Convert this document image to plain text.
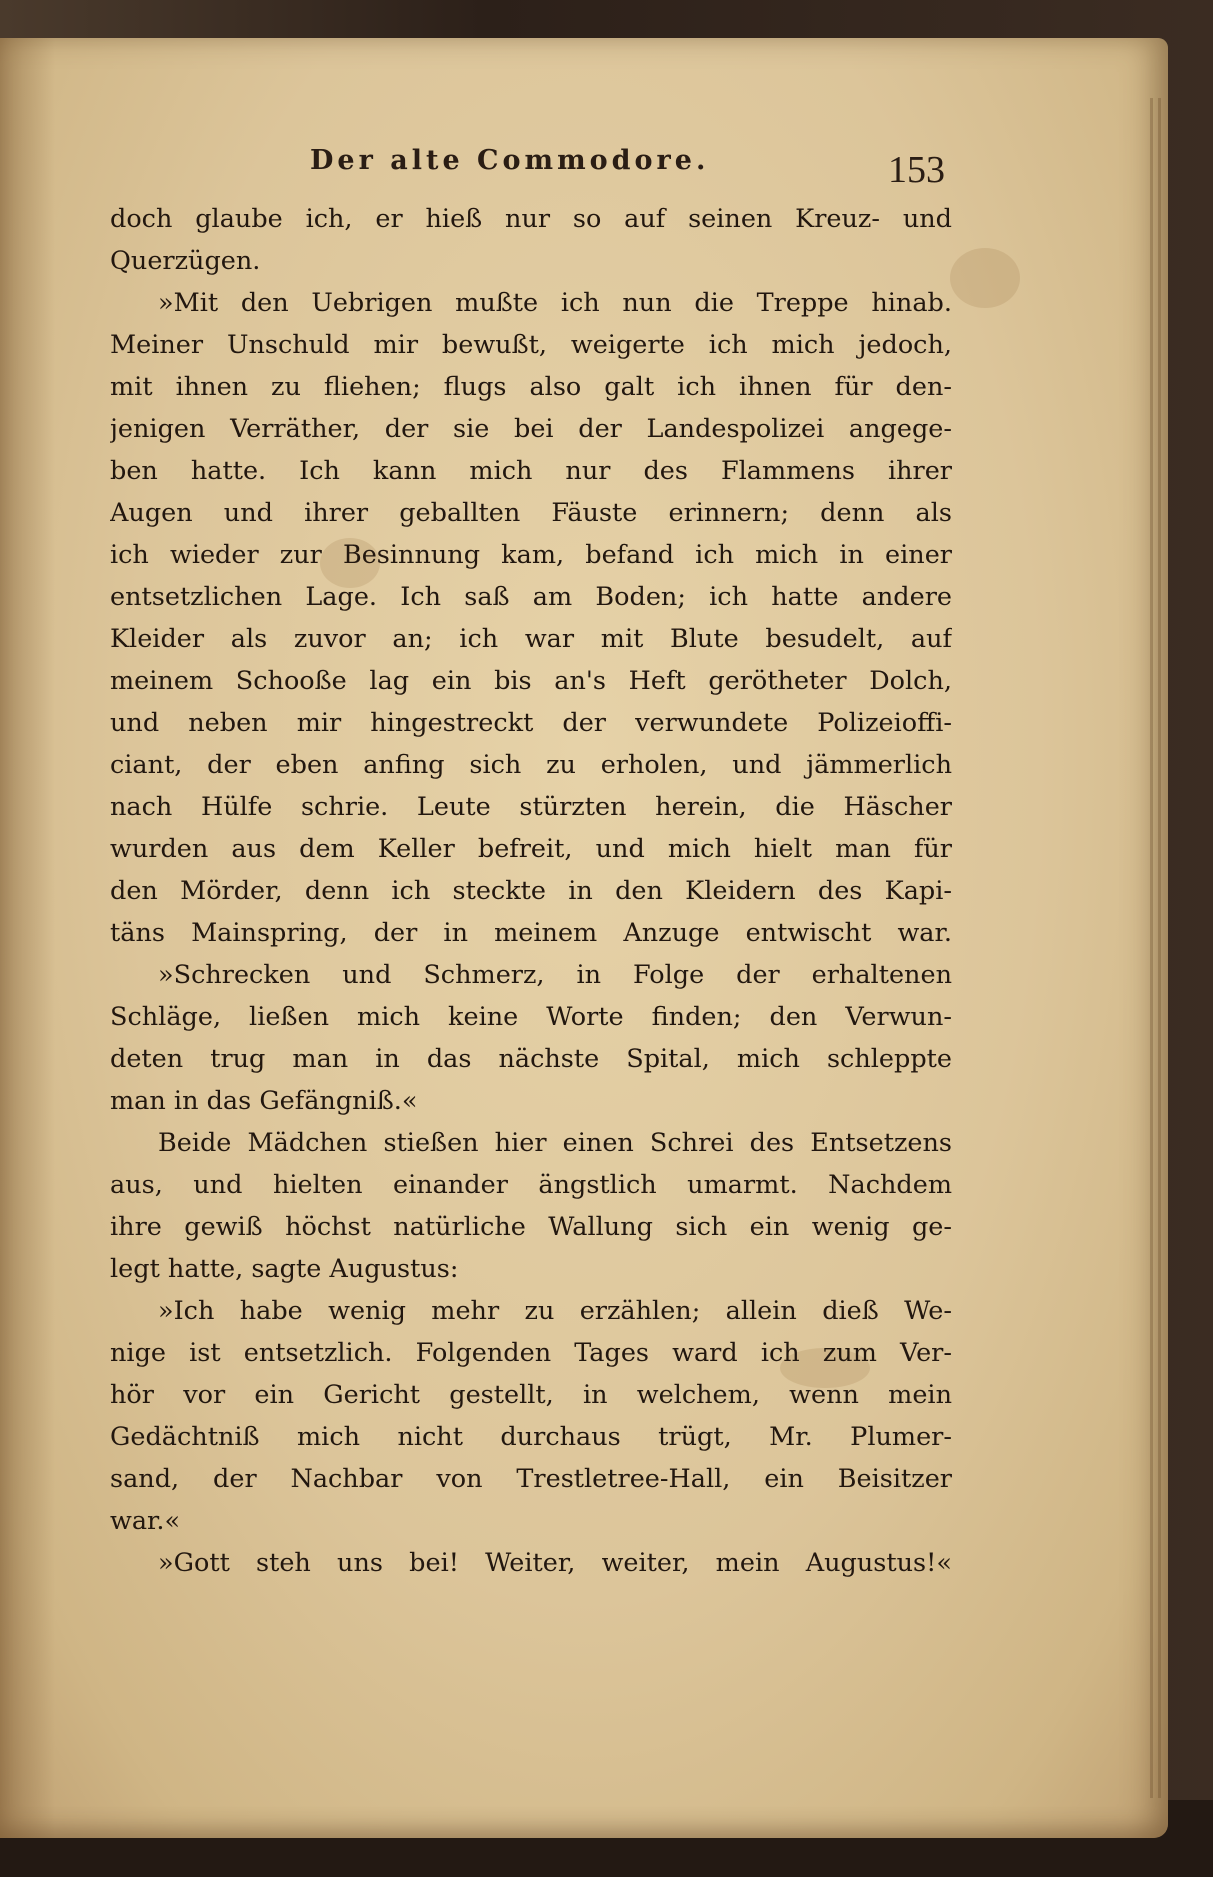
Der alte Commodore.	153
doch glaube ich, er hieß nur so auf seinen Kreuz- und
Querzügen.
»Mit den Uebrigen mußte ich nun die Treppe hinab.
Meiner Unschuld mir bewußt, weigerte ich mich jedoch,
mit ihnen zu fliehen; flugs also galt ich ihnen für den-
jenigen Verräther, der sie bei der Landespolizei angege-
ben hatte. Ich kann mich nur des Flammens ihrer
Augen und ihrer geballten Fäuste erinnern; denn als
ich wieder zur Besinnung kam, befand ich mich in einer
entsetzlichen Lage. Ich saß am Boden; ich hatte andere
Kleider als zuvor an; ich war mit Blute besudelt, auf
meinem Schooße lag ein bis an's Heft gerötheter Dolch,
und neben mir hingestreckt der verwundete Polizeioffi-
ciant, der eben anfing sich zu erholen, und jämmerlich
nach Hülfe schrie. Leute stürzten herein, die Häscher
wurden aus dem Keller befreit, und mich hielt man für
den Mörder, denn ich steckte in den Kleidern des Kapi-
täns Mainspring, der in meinem Anzuge entwischt war.
»Schrecken und Schmerz, in Folge der erhaltenen
Schläge, ließen mich keine Worte finden; den Verwun-
deten trug man in das nächste Spital, mich schleppte
man in das Gefängniß.«
Beide Mädchen stießen hier einen Schrei des Entsetzens
aus, und hielten einander ängstlich umarmt. Nachdem
ihre gewiß höchst natürliche Wallung sich ein wenig ge-
legt hatte, sagte Augustus:
»Ich habe wenig mehr zu erzählen; allein dieß We-
nige ist entsetzlich. Folgenden Tages ward ich zum Ver-
hör vor ein Gericht gestellt, in welchem, wenn mein
Gedächtniß mich nicht durchaus trügt, Mr. Plumer-
sand, der Nachbar von Trestletree-Hall, ein Beisitzer
war.«
»Gott steh uns bei! Weiter, weiter, mein Augustus!«
